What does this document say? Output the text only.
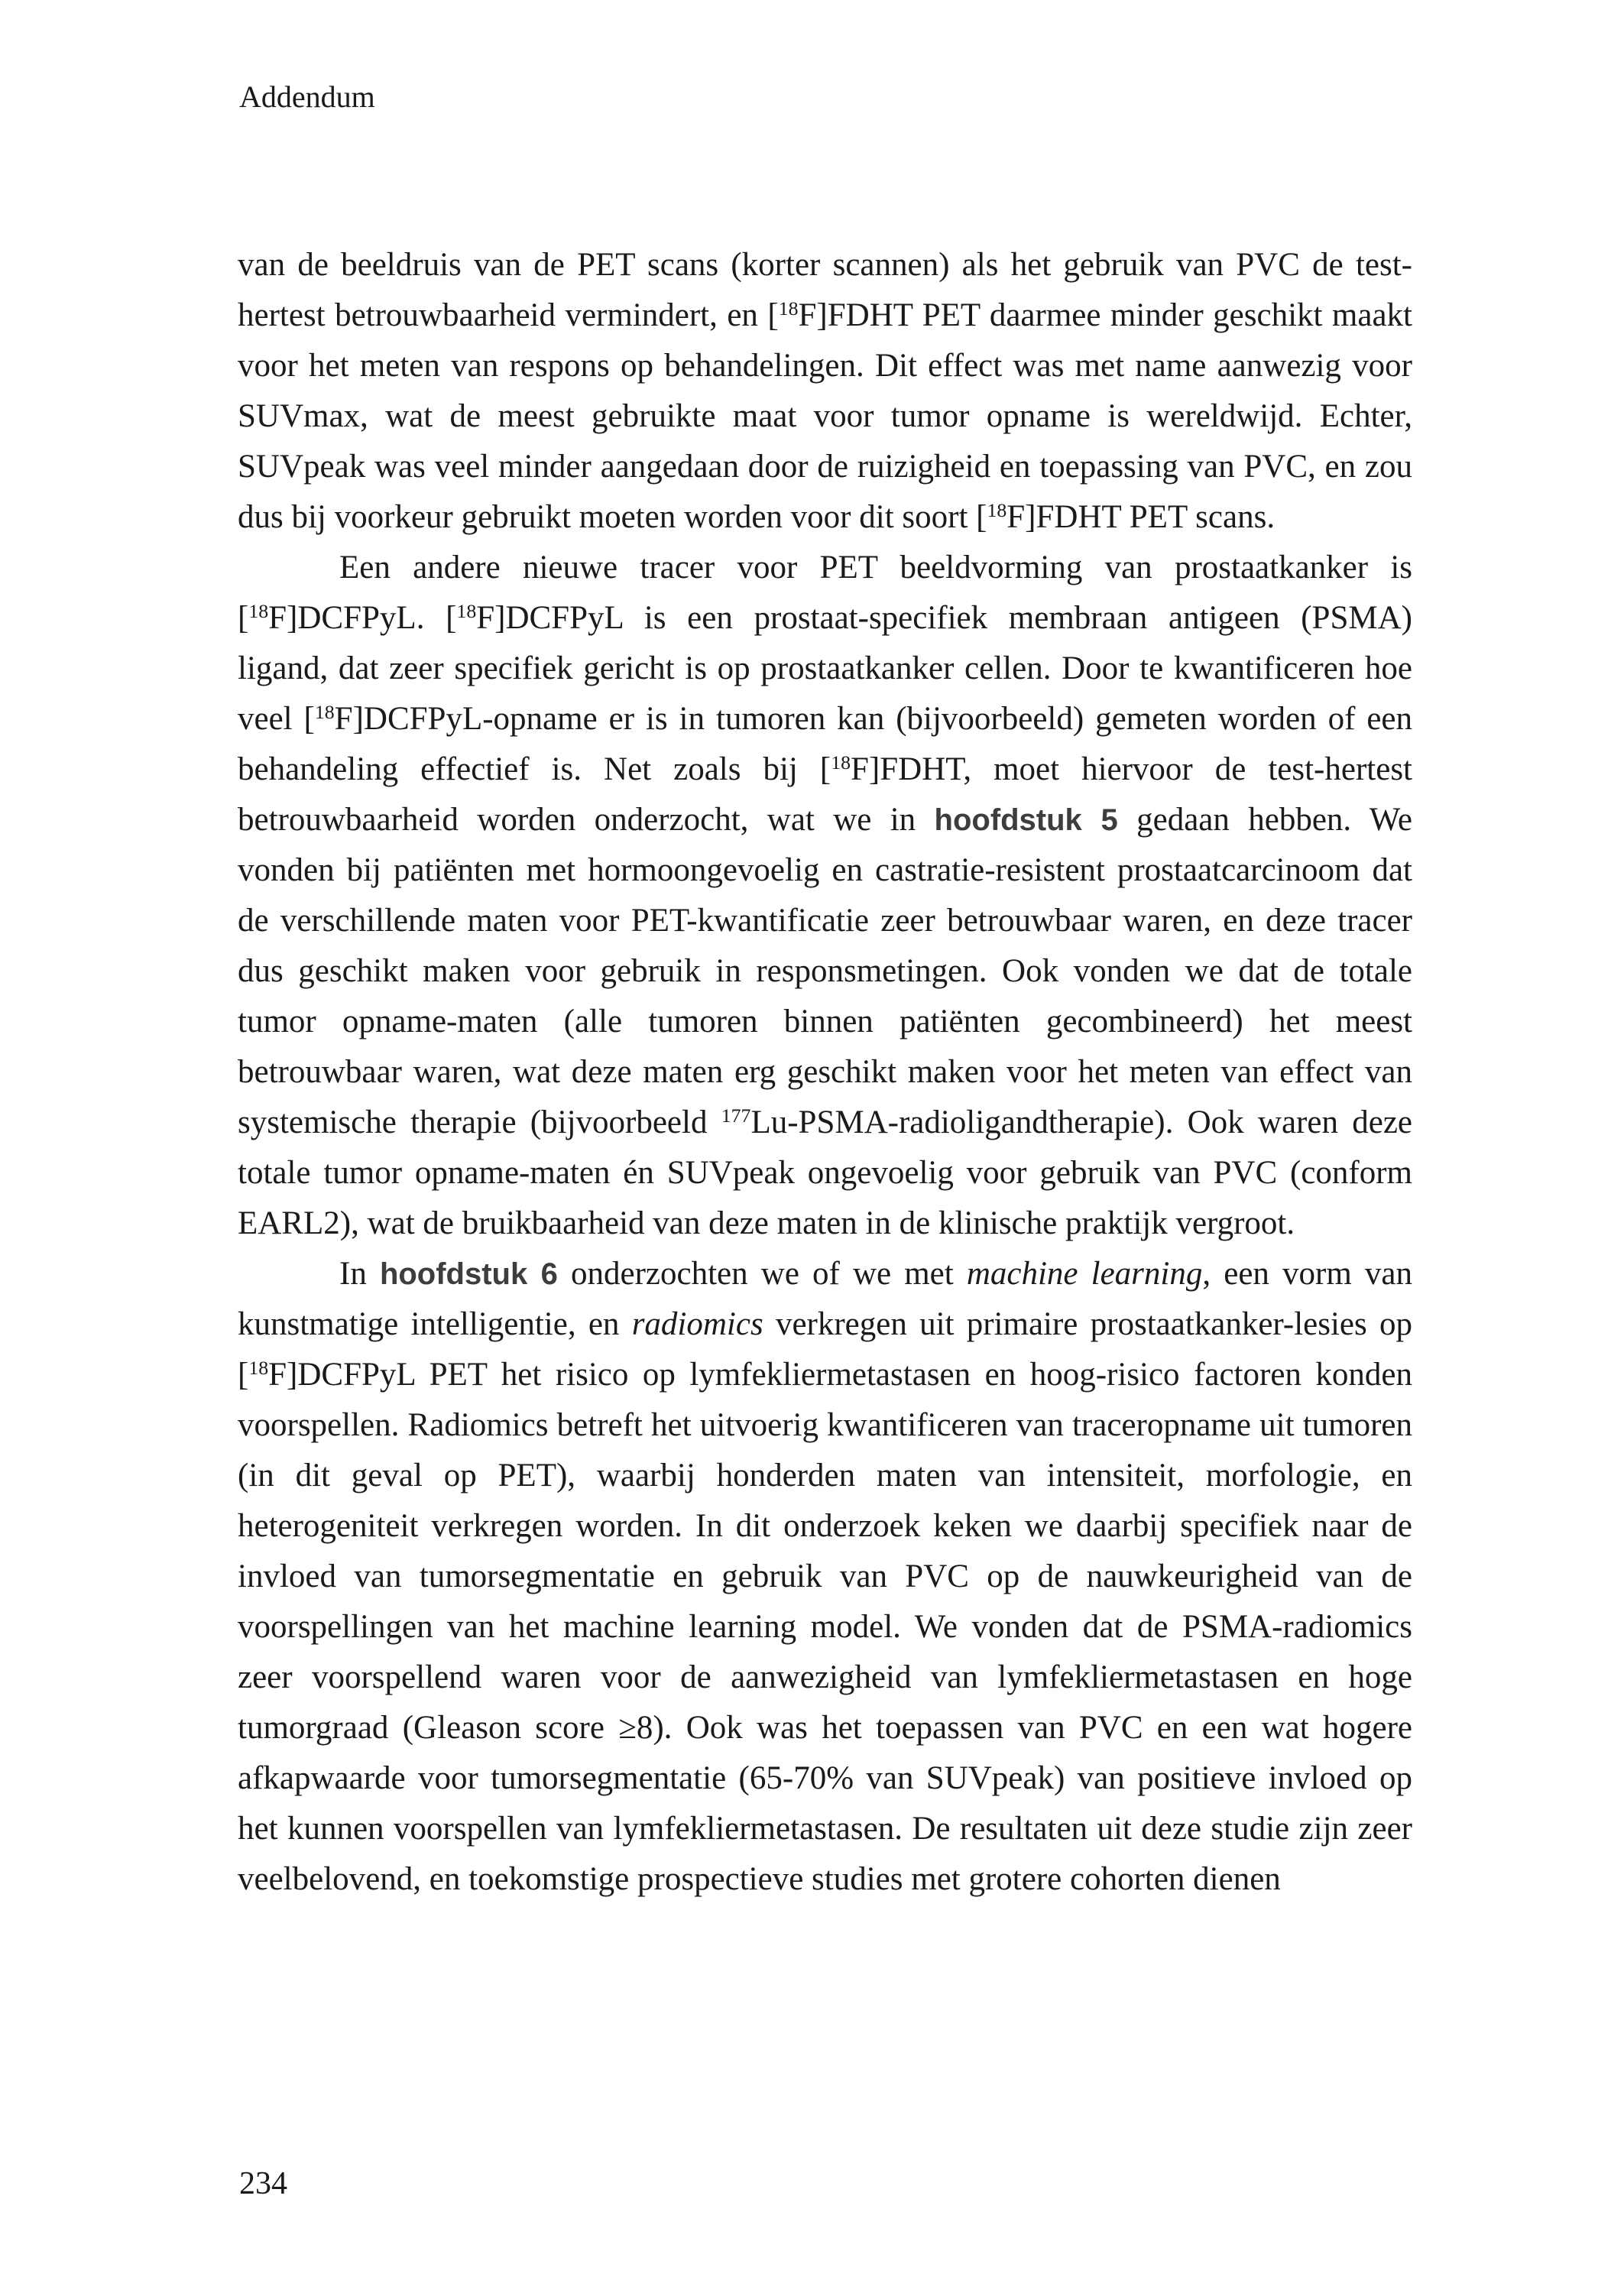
Addendum

van de beeldruis van de PET scans (korter scannen) als het gebruik van PVC de test-hertest betrouwbaarheid vermindert, en [$^{18}$F]FDHT PET daarmee minder geschikt maakt voor het meten van respons op behandelingen. Dit effect was met name aanwezig voor SUVmax, wat de meest gebruikte maat voor tumor opname is wereldwijd. Echter, SUVpeak was veel minder aangedaan door de ruizigheid en toepassing van PVC, en zou dus bij voorkeur gebruikt moeten worden voor dit soort [$^{18}$F]FDHT PET scans.

Een andere nieuwe tracer voor PET beeldvorming van prostaatkanker is [$^{18}$F]DCFPyL. [$^{18}$F]DCFPyL is een prostaat-specifiek membraan antigeen (PSMA) ligand, dat zeer specifiek gericht is op prostaatkanker cellen. Door te kwantificeren hoe veel [$^{18}$F]DCFPyL-opname er is in tumoren kan (bijvoorbeeld) gemeten worden of een behandeling effectief is. Net zoals bij [$^{18}$F]FDHT, moet hiervoor de test-hertest betrouwbaarheid worden onderzocht, wat we in hoofdstuk 5 gedaan hebben. We vonden bij patiënten met hormoongevoelig en castratie-resistent prostaatcarcinoom dat de verschillende maten voor PET-kwantificatie zeer betrouwbaar waren, en deze tracer dus geschikt maken voor gebruik in responsmetingen. Ook vonden we dat de totale tumor opname-maten (alle tumoren binnen patiënten gecombineerd) het meest betrouwbaar waren, wat deze maten erg geschikt maken voor het meten van effect van systemische therapie (bijvoorbeeld $^{177}$Lu-PSMA-radioligandtherapie). Ook waren deze totale tumor opname-maten én SUVpeak ongevoelig voor gebruik van PVC (conform EARL2), wat de bruikbaarheid van deze maten in de klinische praktijk vergroot.

In hoofdstuk 6 onderzochten we of we met machine learning, een vorm van kunstmatige intelligentie, en radiomics verkregen uit primaire prostaatkanker-lesies op [$^{18}$F]DCFPyL PET het risico op lymfekliermetastasen en hoog-risico factoren konden voorspellen. Radiomics betreft het uitvoerig kwantificeren van traceropname uit tumoren (in dit geval op PET), waarbij honderden maten van intensiteit, morfologie, en heterogeniteit verkregen worden. In dit onderzoek keken we daarbij specifiek naar de invloed van tumorsegmentatie en gebruik van PVC op de nauwkeurigheid van de voorspellingen van het machine learning model. We vonden dat de PSMA-radiomics zeer voorspellend waren voor de aanwezigheid van lymfekliermetastasen en hoge tumorgraad (Gleason score ≥8). Ook was het toepassen van PVC en een wat hogere afkapwaarde voor tumorsegmentatie (65-70% van SUVpeak) van positieve invloed op het kunnen voorspellen van lymfekliermetastasen. De resultaten uit deze studie zijn zeer veelbelovend, en toekomstige prospectieve studies met grotere cohorten dienen

234
